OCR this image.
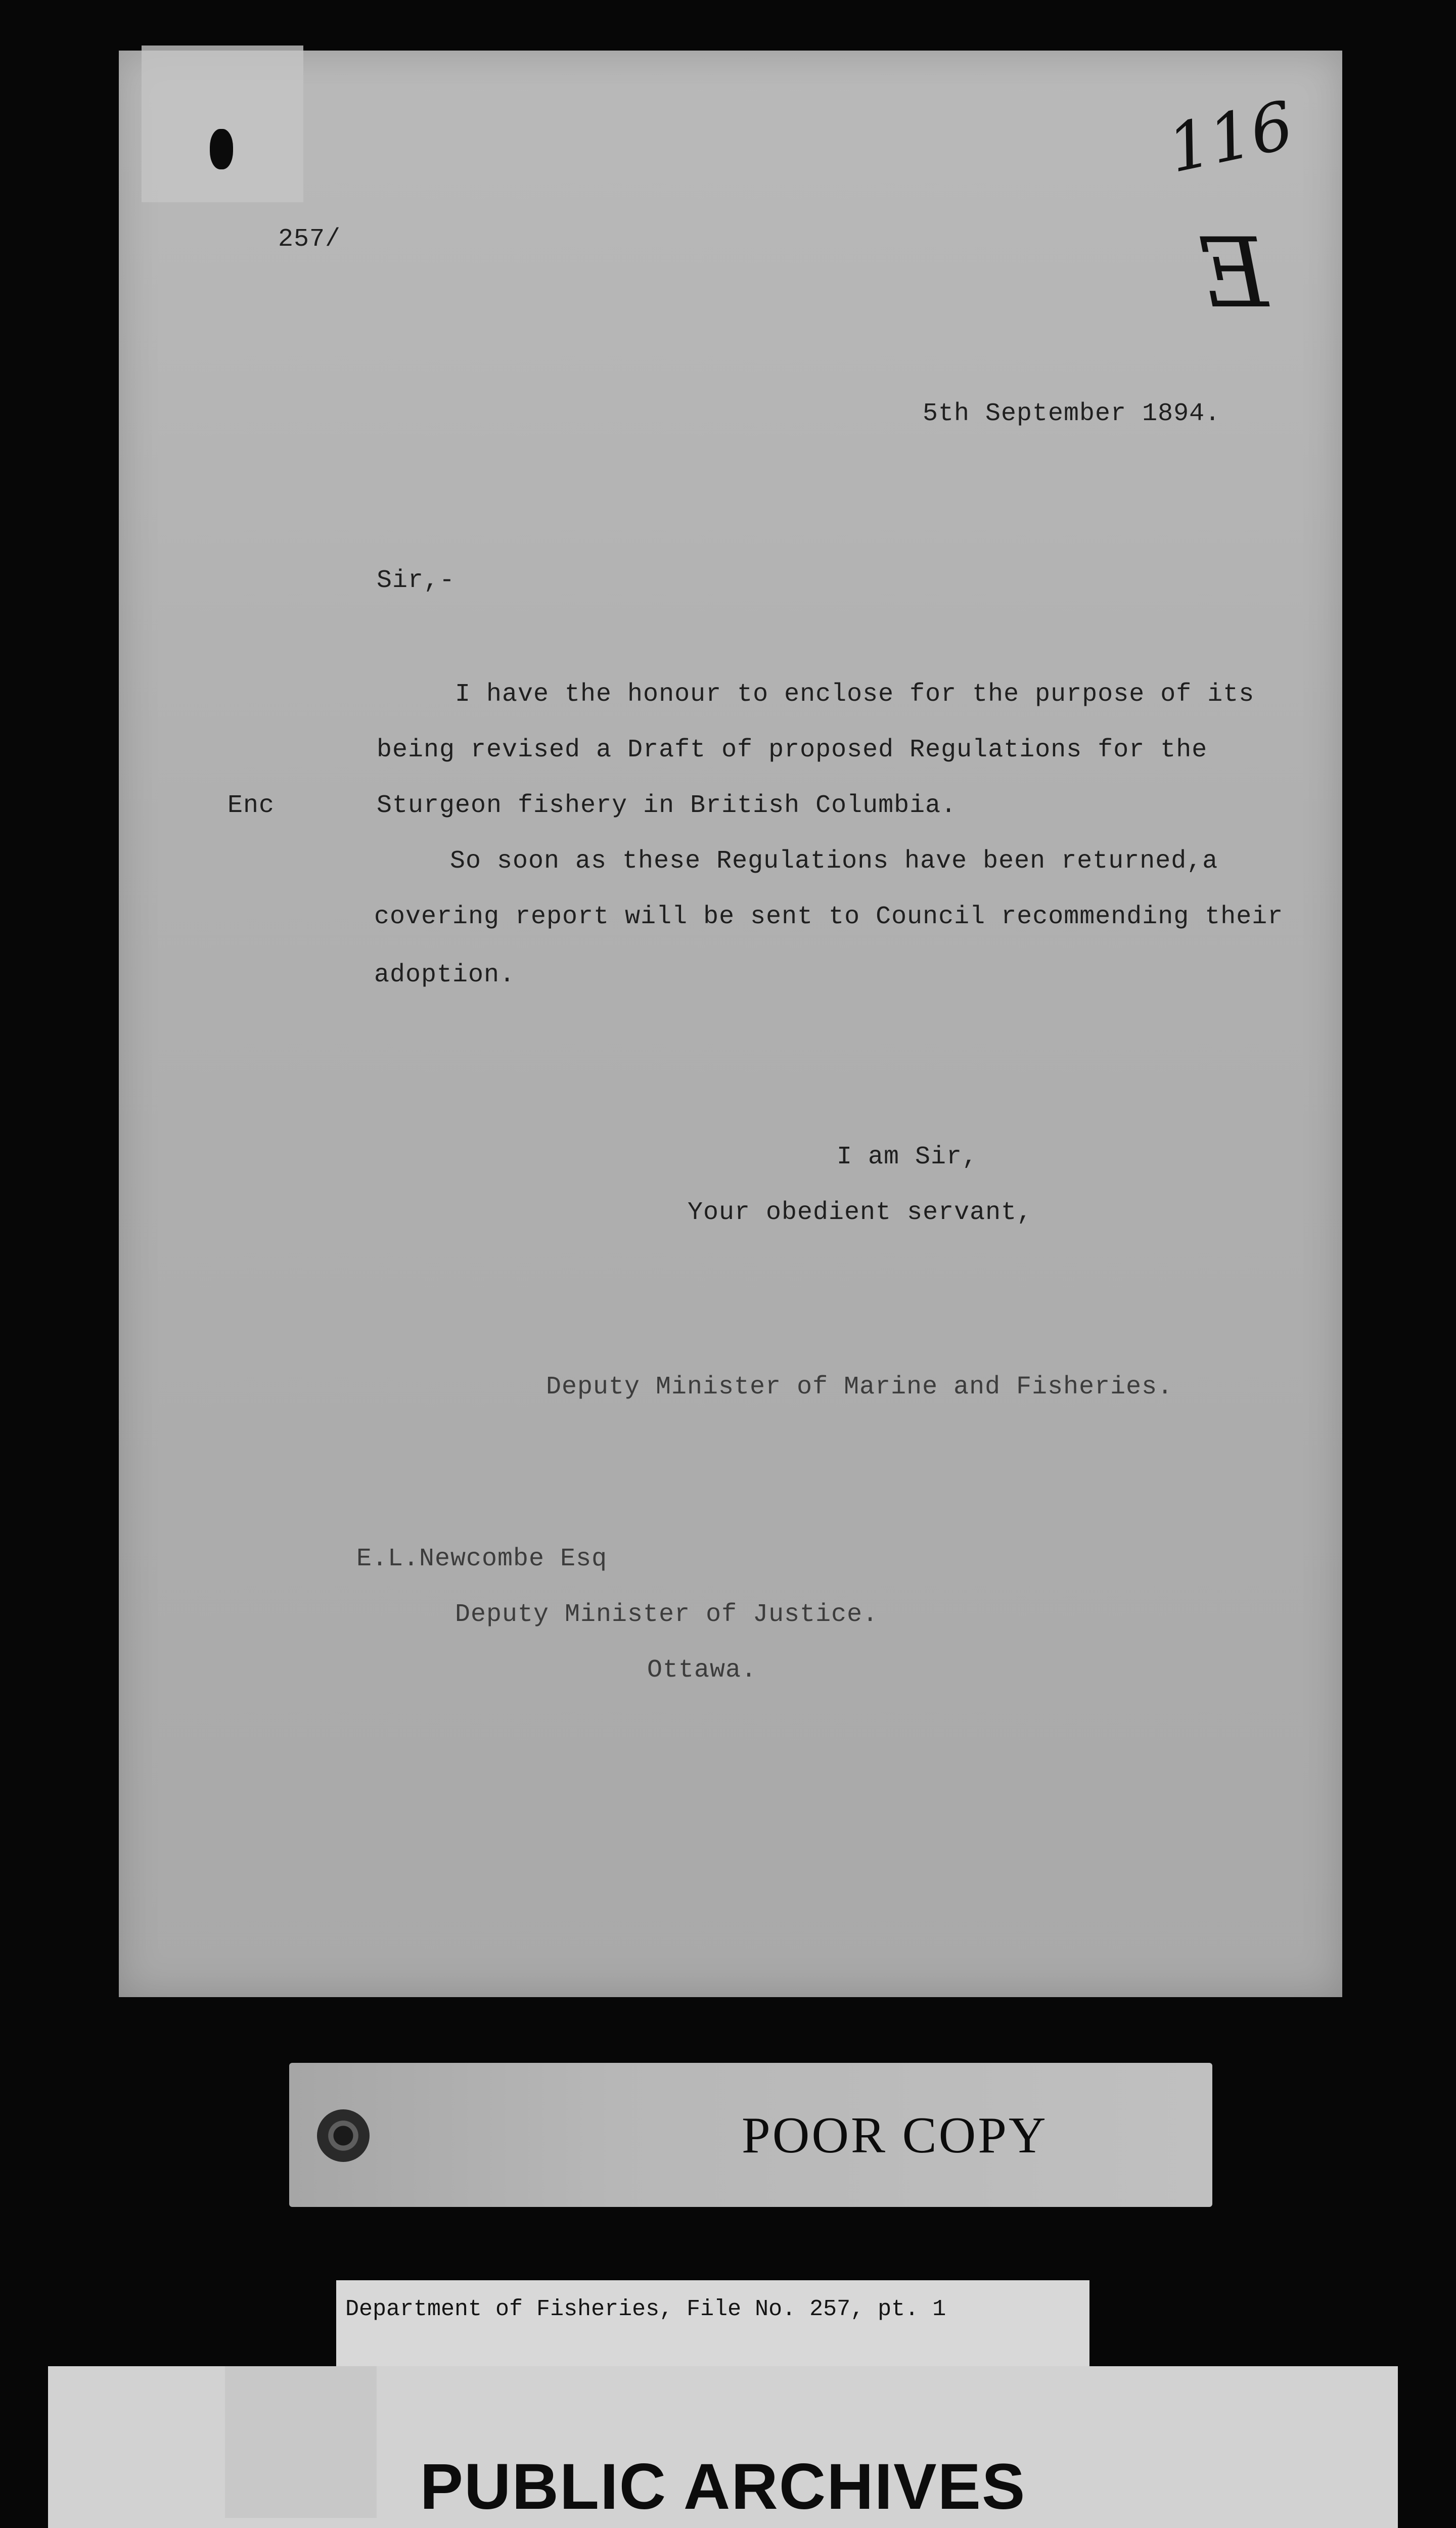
257/
116
E
5th September 1894.
Sir,-
I have the honour to enclose for the purpose of its
being revised a Draft of proposed Regulations for the
Enc	Sturgeon fishery in British Columbia.
So soon as these Regulations have been returned,a
covering report will be sent to Council recommending their
adoption.
I am Sir,
Your obedient servant,
Deputy Minister of Marine and Fisheries.
E.L.Newcombe Esq
Deputy Minister of Justice.
Ottawa.
POOR COPY
Department of Fisheries, File No. 257, pt. 1
PUBLIC ARCHIVES
